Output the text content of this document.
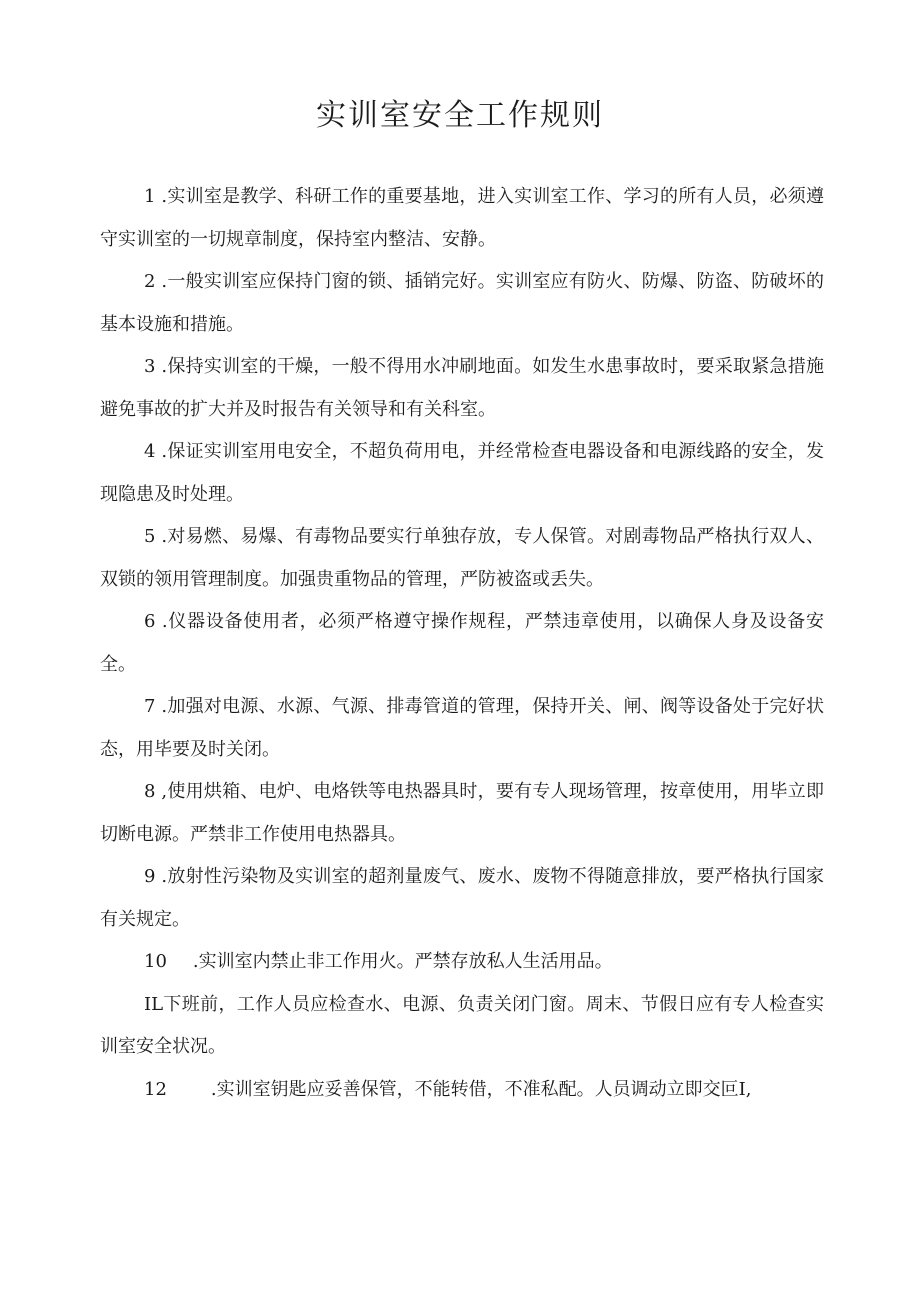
实训室安全工作规则
1 .实训室是教学、科研工作的重要基地，进入实训室工作、学习的所有人员，必须遵守实训室的一切规章制度，保持室内整洁、安静。
2 .一般实训室应保持门窗的锁、插销完好。实训室应有防火、防爆、防盗、防破坏的基本设施和措施。
3 .保持实训室的干燥，一般不得用水冲刷地面。如发生水患事故时，要采取紧急措施避免事故的扩大并及时报告有关领导和有关科室。
4 .保证实训室用电安全，不超负荷用电，并经常检查电器设备和电源线路的安全，发现隐患及时处理。
5 .对易燃、易爆、有毒物品要实行单独存放，专人保管。对剧毒物品严格执行双人、双锁的领用管理制度。加强贵重物品的管理，严防被盗或丢失。
6 .仪器设备使用者，必须严格遵守操作规程，严禁违章使用，以确保人身及设备安全。
7 .加强对电源、水源、气源、排毒管道的管理，保持开关、闸、阀等设备处于完好状态，用毕要及时关闭。
8 ,使用烘箱、电炉、电烙铁等电热器具时，要有专人现场管理，按章使用，用毕立即切断电源。严禁非工作使用电热器具。
9 .放射性污染物及实训室的超剂量废气、废水、废物不得随意排放，要严格执行国家有关规定。
10 .实训室内禁止非工作用火。严禁存放私人生活用品。
IL下班前，工作人员应检查水、电源、负责关闭门窗。周末、节假日应有专人检查实训室安全状况。
12 .实训室钥匙应妥善保管，不能转借，不准私配。人员调动立即交叵I,
